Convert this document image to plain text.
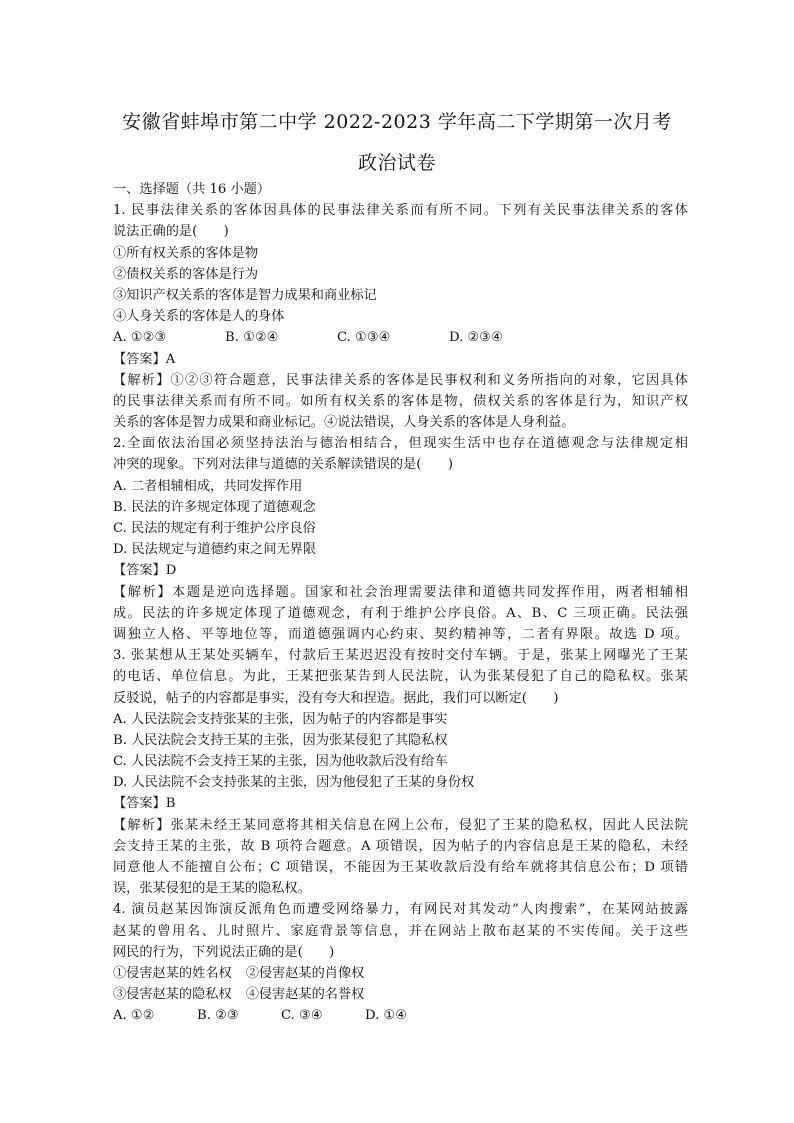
安徽省蚌埠市第二中学 2022-2023 学年高二下学期第一次月考
政治试卷
一、选择题（共 16 小题）
1. 民事法律关系的客体因具体的民事法律关系而有所不同。下列有关民事法律关系的客体
说法正确的是(　　)
①所有权关系的客体是物
②债权关系的客体是行为
③知识产权关系的客体是智力成果和商业标记
④人身关系的客体是人的身体
A. ①②③	B. ①②④	C. ①③④	D. ②③④
【答案】A
【解析】①②③符合题意，民事法律关系的客体是民事权利和义务所指向的对象，它因具体
的民事法律关系而有所不同。如所有权关系的客体是物，债权关系的客体是行为，知识产权
关系的客体是智力成果和商业标记。④说法错误，人身关系的客体是人身利益。
2.全面依法治国必须坚持法治与德治相结合，但现实生活中也存在道德观念与法律规定相
冲突的现象。下列对法律与道德的关系解读错误的是(　　)
A. 二者相辅相成，共同发挥作用
B. 民法的许多规定体现了道德观念
C. 民法的规定有利于维护公序良俗
D. 民法规定与道德约束之间无界限
【答案】D
【解析】本题是逆向选择题。国家和社会治理需要法律和道德共同发挥作用，两者相辅相
成。民法的许多规定体现了道德观念，有利于维护公序良俗。A、B、C 三项正确。民法强
调独立人格、平等地位等，而道德强调内心约束、契约精神等，二者有界限。故选 D 项。
3. 张某想从王某处买辆车，付款后王某迟迟没有按时交付车辆。于是，张某上网曝光了王某
的电话、单位信息。为此，王某把张某告到人民法院，认为张某侵犯了自己的隐私权。张某
反驳说，帖子的内容都是事实，没有夸大和捏造。据此，我们可以断定(　　)
A. 人民法院会支持张某的主张，因为帖子的内容都是事实
B. 人民法院会支持王某的主张，因为张某侵犯了其隐私权
C. 人民法院不会支持王某的主张，因为他收款后没有给车
D. 人民法院不会支持张某的主张，因为他侵犯了王某的身份权
【答案】B
【解析】张某未经王某同意将其相关信息在网上公布，侵犯了王某的隐私权，因此人民法院
会支持王某的主张，故 B 项符合题意。A 项错误，因为帖子的内容信息是王某的隐私，未经
同意他人不能擅自公布；C 项错误，不能因为王某收款后没有给车就将其信息公布；D 项错
误，张某侵犯的是王某的隐私权。
4. 演员赵某因饰演反派角色而遭受网络暴力，有网民对其发动“人肉搜索”，在某网站披露
赵某的曾用名、儿时照片、家庭背景等信息，并在网站上散布赵某的不实传闻。关于这些
网民的行为，下列说法正确的是(　　)
①侵害赵某的姓名权 ②侵害赵某的肖像权
③侵害赵某的隐私权 ④侵害赵某的名誉权
A. ①②	B. ②③	C. ③④	D. ①④
